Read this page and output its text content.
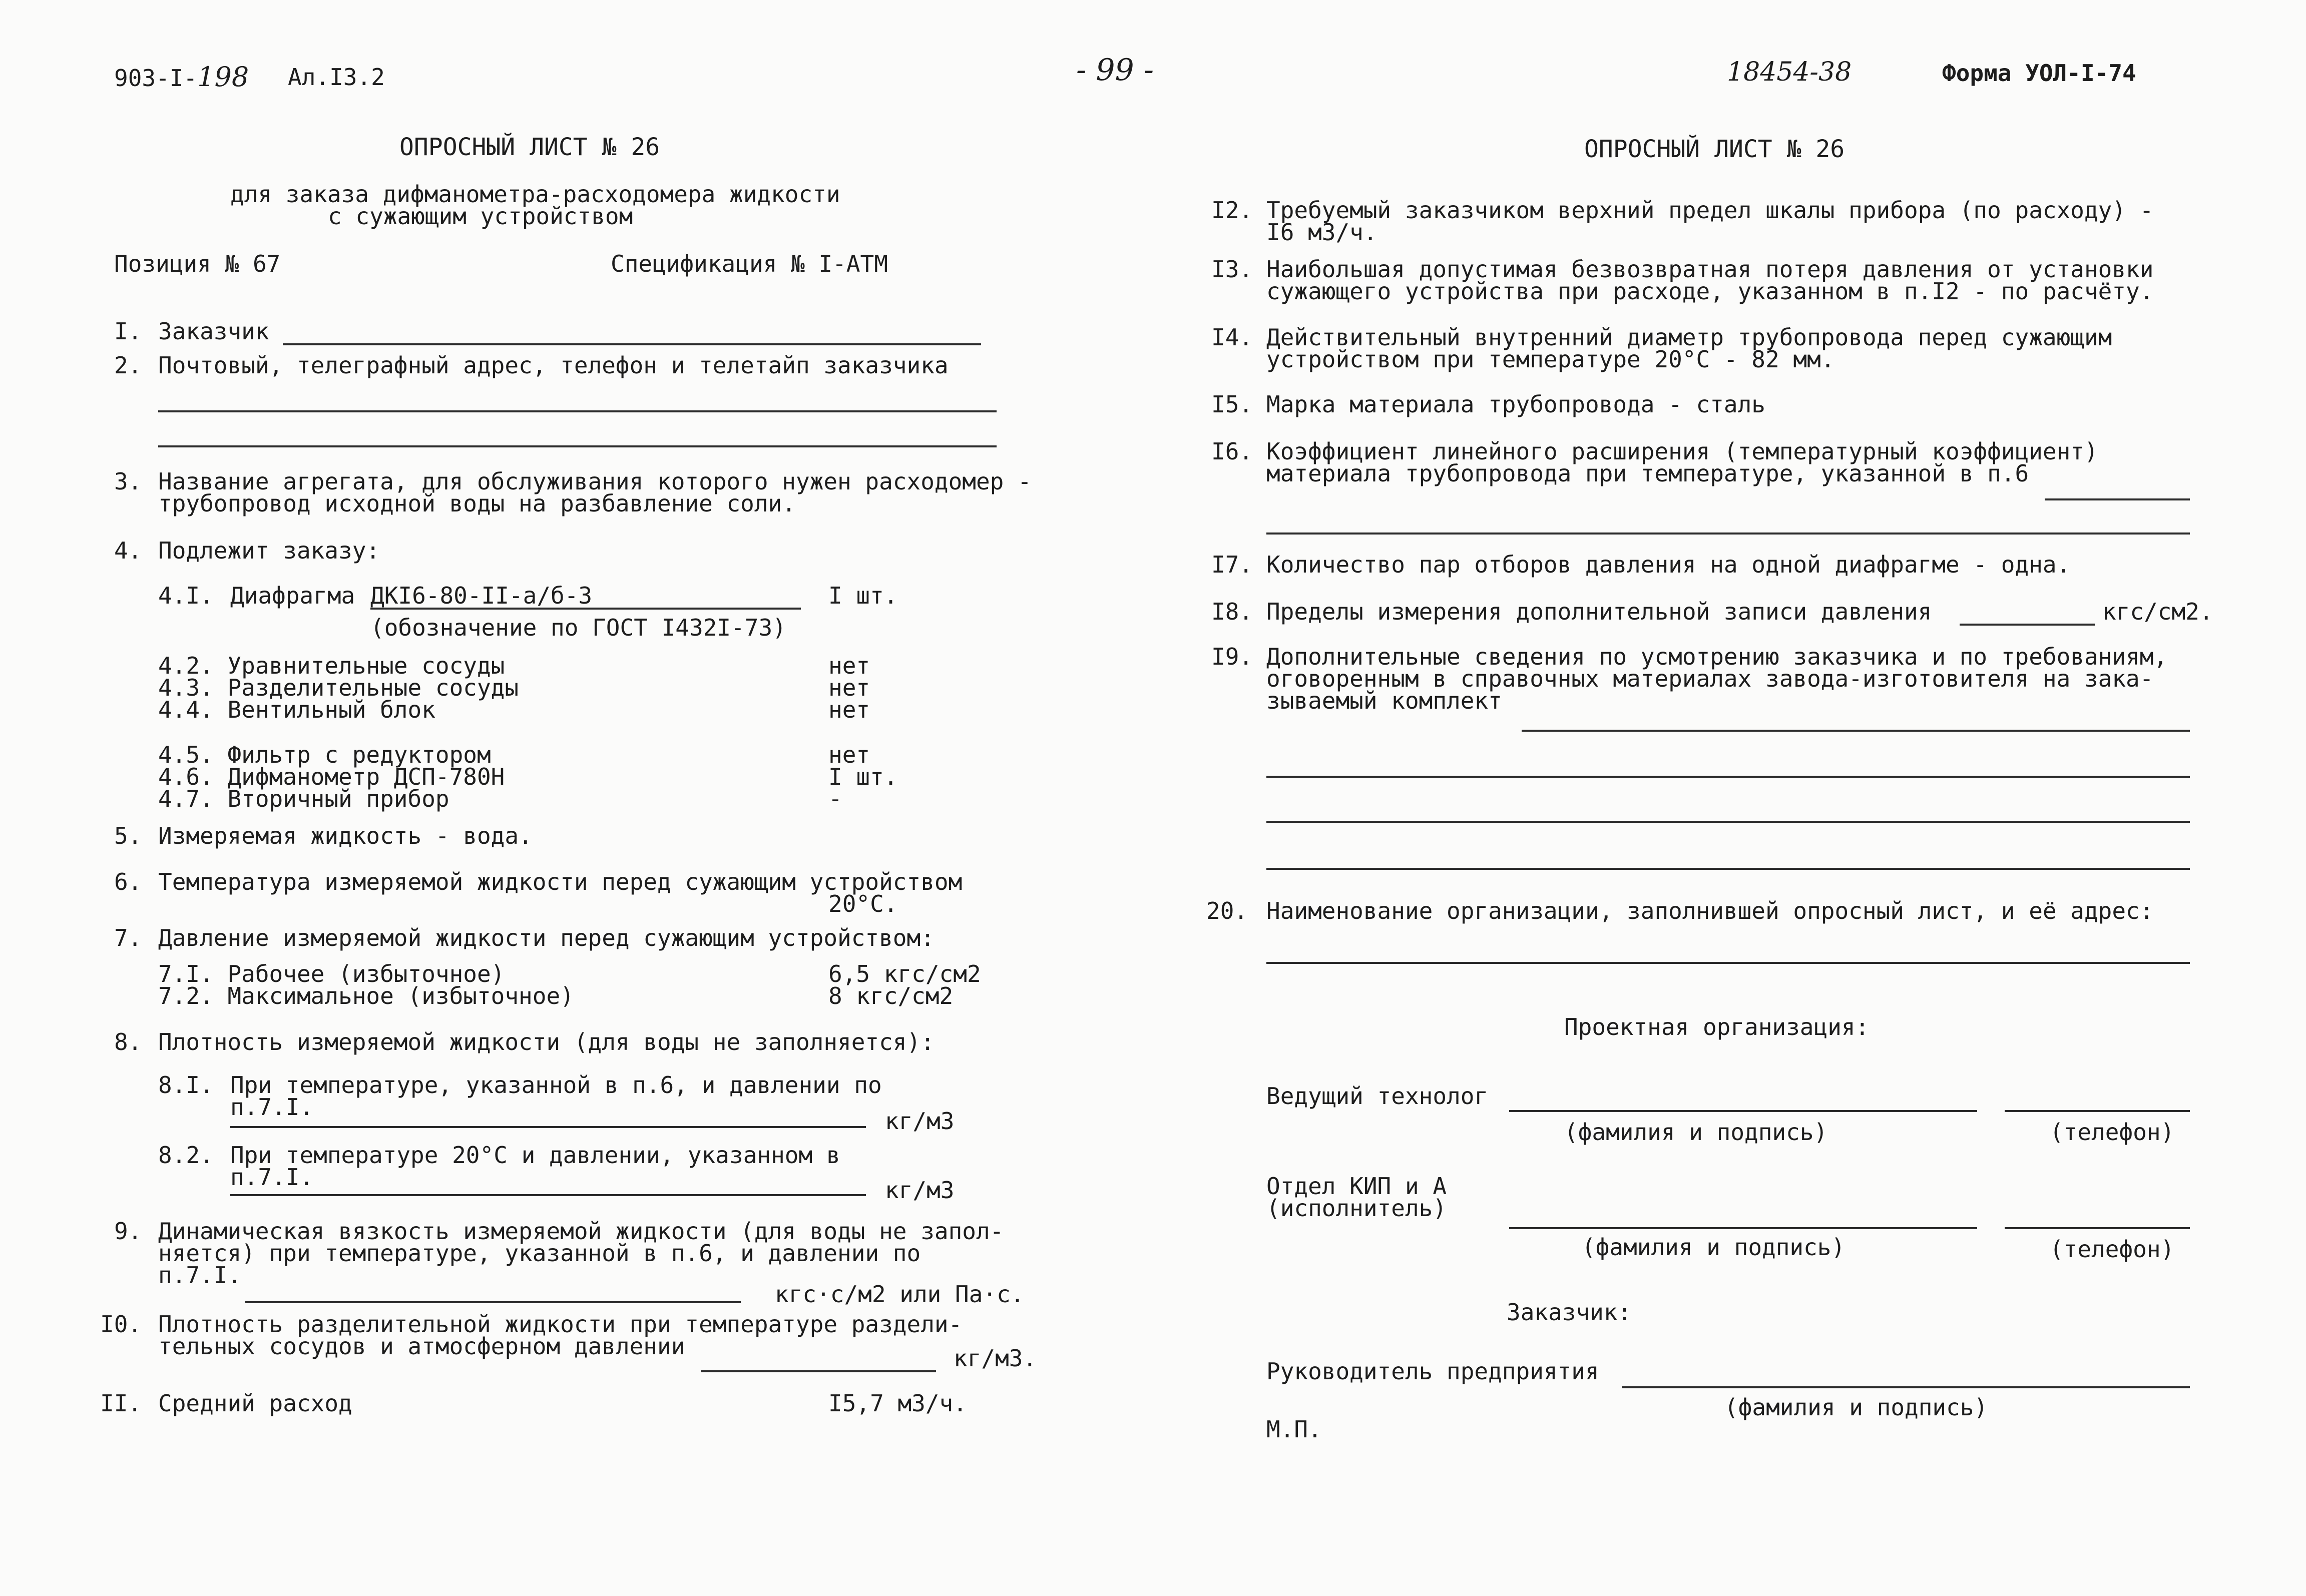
903-I-198 Ал.I3.2	- 99 -	18454-38	Форма УОЛ-I-74
ОПРОСНЫЙ ЛИСТ № 26
для заказа дифманометра-расходомера жидкости
с сужающим устройством
Позиция № 67	Спецификация № I-АТМ
I. Заказчик
2. Почтовый, телеграфный адрес, телефон и телетайп заказчика
3. Название агрегата, для обслуживания которого нужен расходомер -
трубопровод исходной воды на разбавление соли.
4. Подлежит заказу:
4.I. Диафрагма ДКI6-80-II-а/б-3	I шт.
(обозначение по ГОСТ I432I-73)
4.2. Уравнительные сосуды	нет
4.3. Разделительные сосуды	нет
4.4. Вентильный блок	нет
4.5. Фильтр с редуктором	нет
4.6. Дифманометр ДСП-780Н	I шт.
4.7. Вторичный прибор	-
5. Измеряемая жидкость - вода.
6. Температура измеряемой жидкости перед сужающим устройством
20°С.
7. Давление измеряемой жидкости перед сужающим устройством:
7.I. Рабочее (избыточное)	6,5 кгс/см2
7.2. Максимальное (избыточное)	8 кгс/см2
8. Плотность измеряемой жидкости (для воды не заполняется):
8.I. При температуре, указанной в п.6, и давлении по
п.7.I.
кг/м3
8.2. При температуре 20°С и давлении, указанном в
п.7.I.	кг/м3
9. Динамическая вязкость измеряемой жидкости (для воды не запол-
няется) при температуре, указанной в п.6, и давлении по
п.7.I.
кгс·с/м2 или Па·с.
I0. Плотность разделительной жидкости при температуре раздели-
тельных сосудов и атмосферном давлении	кг/м3.
II. Средний расход	I5,7 м3/ч.
ОПРОСНЫЙ ЛИСТ № 26
I2. Требуемый заказчиком верхний предел шкалы прибора (по расходу) -
I6 м3/ч.
I3. Наибольшая допустимая безвозвратная потеря давления от установки
сужающего устройства при расходе, указанном в п.I2 - по расчёту.
I4. Действительный внутренний диаметр трубопровода перед сужающим
устройством при температуре 20°С - 82 мм.
I5. Марка материала трубопровода - сталь
I6. Коэффициент линейного расширения (температурный коэффициент)
материала трубопровода при температуре, указанной в п.6
I7. Количество пар отборов давления на одной диафрагме - одна.
I8. Пределы измерения дополнительной записи давления	кгс/см2.
I9. Дополнительные сведения по усмотрению заказчика и по требованиям,
оговоренным в справочных материалах завода-изготовителя на зака-
зываемый комплект
20. Наименование организации, заполнившей опросный лист, и её адрес:
Проектная организация:
Ведущий технолог
(фамилия и подпись)	(телефон)
Отдел КИП и А
(исполнитель)
(фамилия и подпись)	(телефон)
Заказчик:
Руководитель предприятия
(фамилия и подпись)
М.П.
